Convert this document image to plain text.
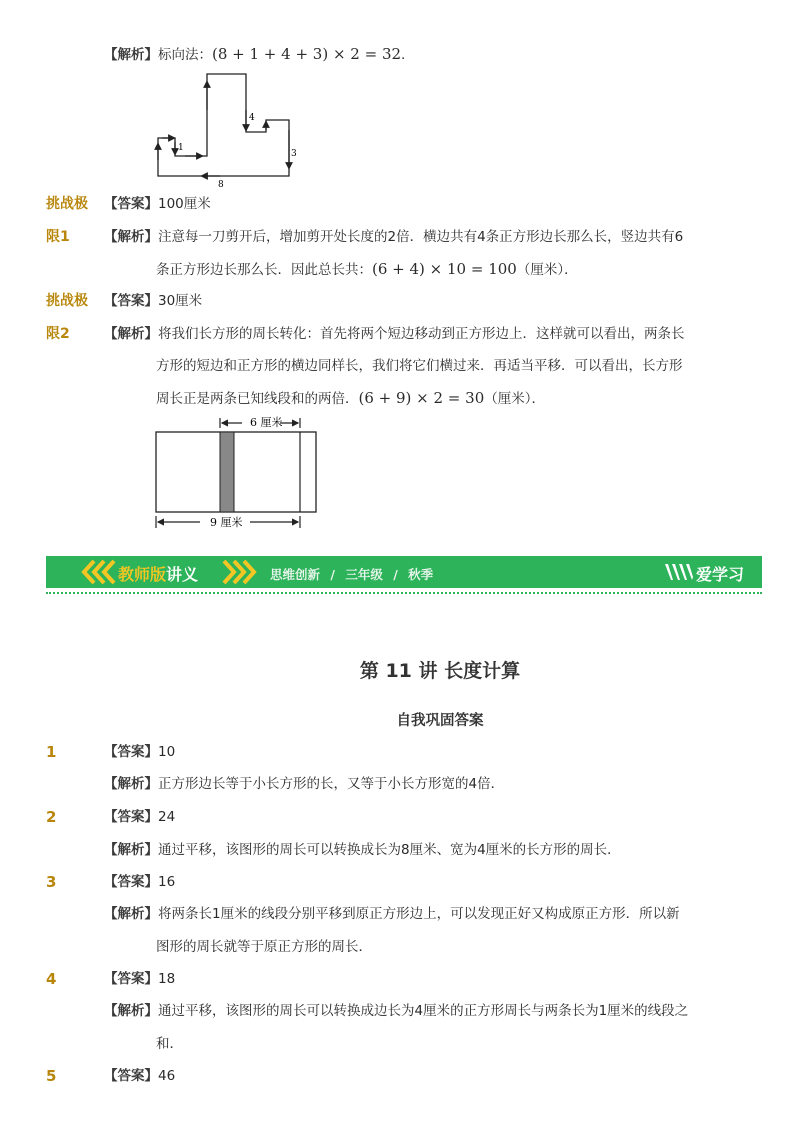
【解析】标向法：(8 + 1 + 4 + 3) × 2 = 32.
1
4
3
8
挑战极
限1
【答案】100厘米
【解析】注意每一刀剪开后，增加剪开处长度的2倍．横边共有4条正方形边长那么长，竖边共有6
条正方形边长那么长．因此总长共：(6 + 4) × 10 = 100（厘米）．
挑战极
限2
【答案】30厘米
【解析】将我们长方形的周长转化：首先将两个短边移动到正方形边上．这样就可以看出，两条长
方形的短边和正方形的横边同样长，我们将它们横过来．再适当平移．可以看出，长方形
周长正是两条已知线段和的两倍．(6 + 9) × 2 = 30（厘米）．
6 厘米
9 厘米
教师版讲义	思维创新 / 三年级 / 秋季	爱学习
第 11 讲 长度计算
自我巩固答案
1	【答案】10
【解析】正方形边长等于小长方形的长，又等于小长方形宽的4倍．
2	【答案】24
【解析】通过平移，该图形的周长可以转换成长为8厘米、宽为4厘米的长方形的周长．
3	【答案】16
【解析】将两条长1厘米的线段分别平移到原正方形边上，可以发现正好又构成原正方形．所以新
图形的周长就等于原正方形的周长．
4	【答案】18
【解析】通过平移，该图形的周长可以转换成边长为4厘米的正方形周长与两条长为1厘米的线段之
和．
5	【答案】46
